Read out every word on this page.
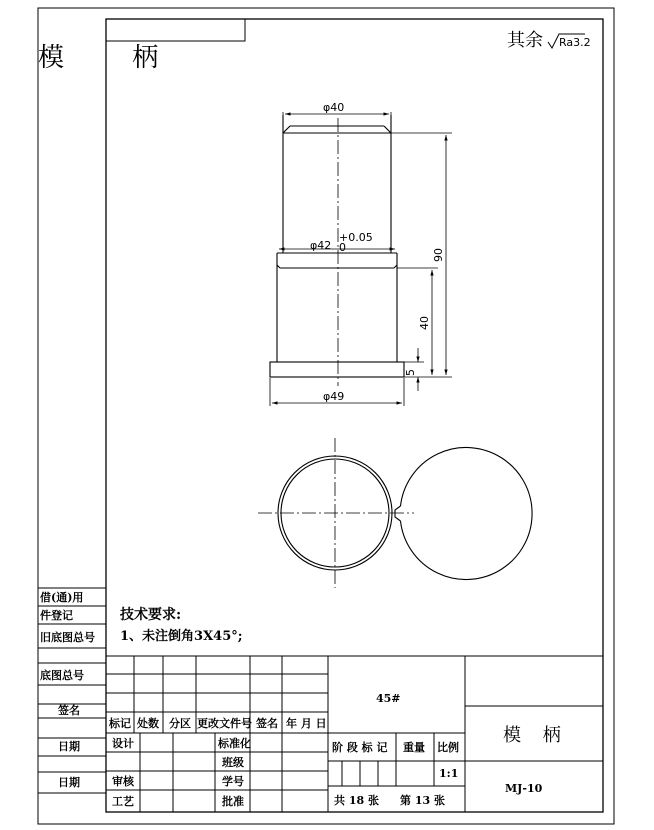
模 柄
其余 Ra3.2
φ40
φ42
+0.05
0
φ49
90
40
5
技术要求:
1、未注倒角3X45°;
借(通)用
件登记
旧底图总号
底图总号
签名
日期
日期
45#
模 柄
MJ-10
标记 处数 分区 更改文件号 签名 年 月 日
设计
审核
工艺
标准化
班级
学号
批准
阶 段 标 记 重量 比例
1:1
共 18 张 第 13 张
